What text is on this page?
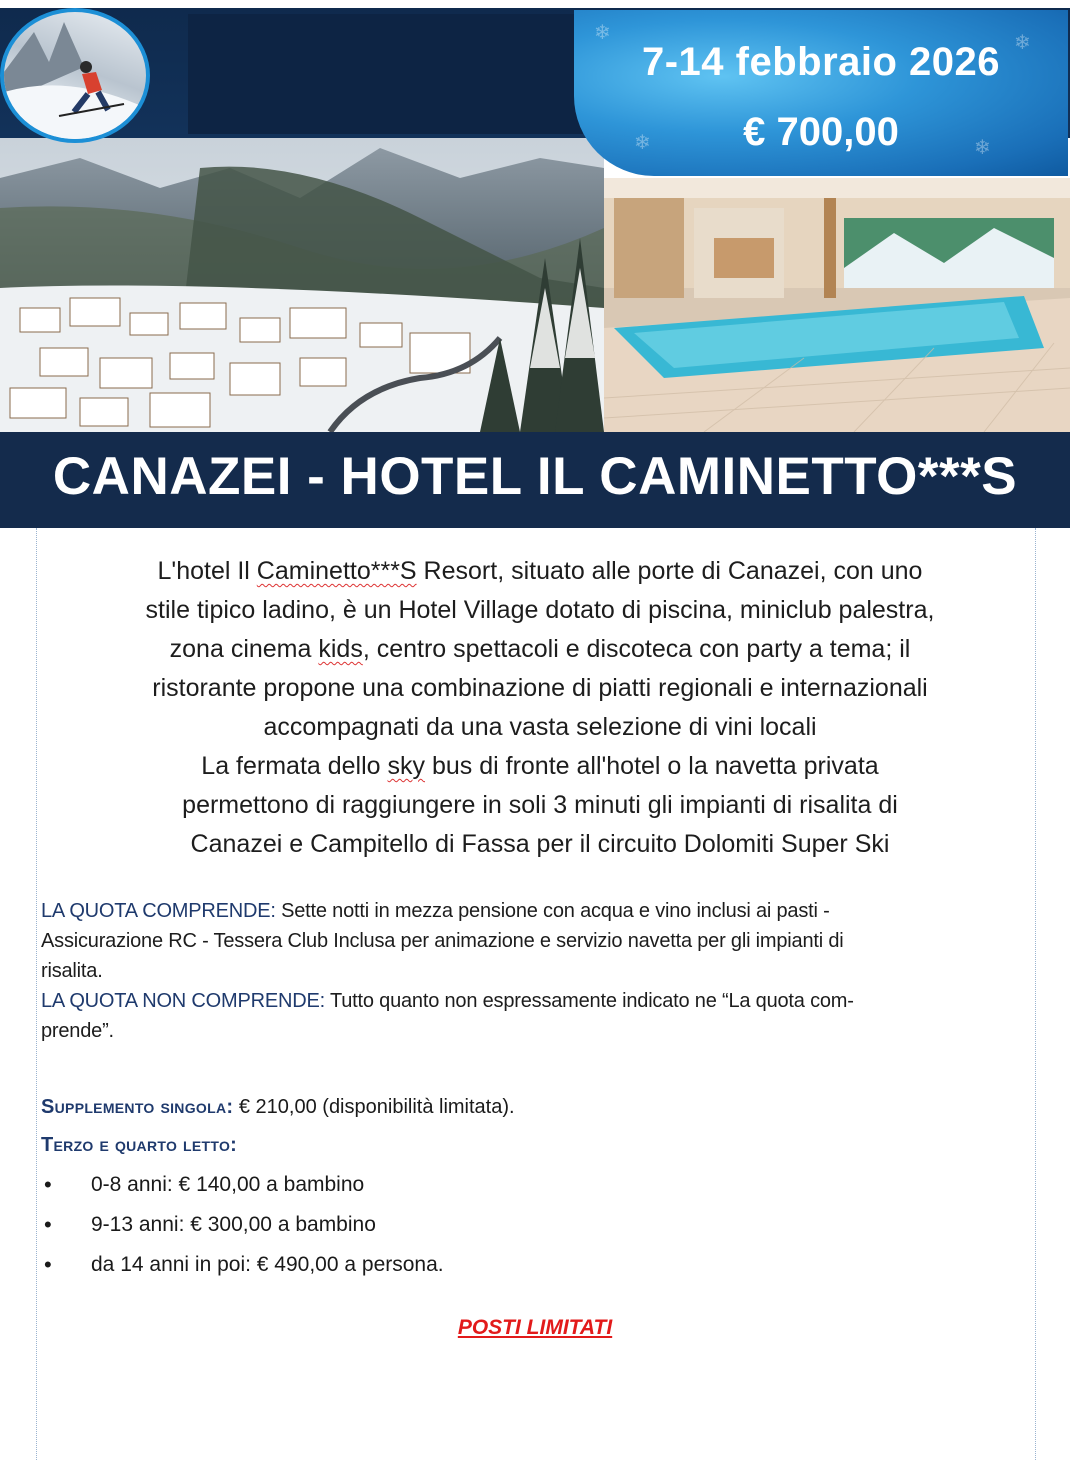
❄	❄
❄	❄
7-14 febbraio 2026
€ 700,00
CANAZEI - HOTEL IL CAMINETTO***S

L'hotel Il Caminetto***S Resort, situato alle porte di Canazei, con uno

stile tipico ladino, è un Hotel Village dotato di piscina, miniclub palestra,

zona cinema kids, centro spettacoli e discoteca con party a tema; il

ristorante propone una combinazione di piatti regionali e internazionali

accompagnati da una vasta selezione di vini locali

La fermata dello sky bus di fronte all'hotel o la navetta privata

permettono di raggiungere in soli 3 minuti gli impianti di risalita di

Canazei e Campitello di Fassa per il circuito Dolomiti Super Ski

LA QUOTA COMPRENDE: Sette notti in mezza pensione con acqua e vino inclusi ai pasti -

Assicurazione RC - Tessera Club Inclusa per animazione e servizio navetta per gli impianti di

risalita.

LA QUOTA NON COMPRENDE: Tutto quanto non espressamente indicato ne “La quota com-

prende”.

Supplemento singola: € 210,00 (disponibilità limitata).
Terzo e quarto letto:
• 0-8 anni: € 140,00 a bambino
• 9-13 anni: € 300,00 a bambino
• da 14 anni in poi: € 490,00 a persona.
POSTI LIMITATI
